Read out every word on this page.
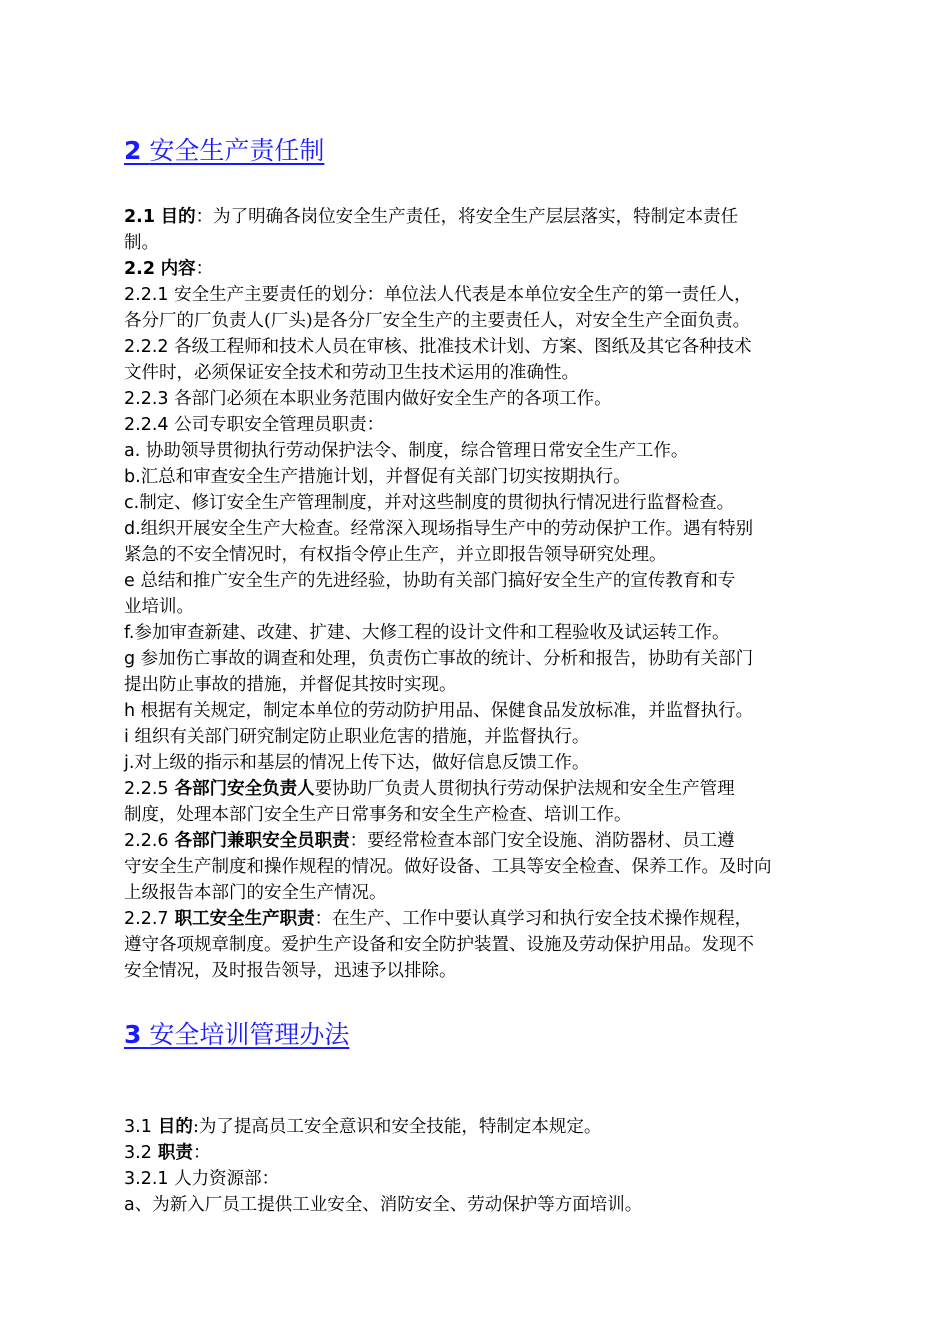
2 安全生产责任制
2.1 目的：为了明确各岗位安全生产责任，将安全生产层层落实，特制定本责任
制。
2.2 内容：
2.2.1 安全生产主要责任的划分：单位法人代表是本单位安全生产的第一责任人，
各分厂的厂负责人(厂头)是各分厂安全生产的主要责任人，对安全生产全面负责。
2.2.2 各级工程师和技术人员在审核、批准技术计划、方案、图纸及其它各种技术
文件时，必须保证安全技术和劳动卫生技术运用的准确性。
2.2.3 各部门必须在本职业务范围内做好安全生产的各项工作。
2.2.4 公司专职安全管理员职责：
a. 协助领导贯彻执行劳动保护法令、制度，综合管理日常安全生产工作。
b.汇总和审查安全生产措施计划，并督促有关部门切实按期执行。
c.制定、修订安全生产管理制度，并对这些制度的贯彻执行情况进行监督检查。
d.组织开展安全生产大检查。经常深入现场指导生产中的劳动保护工作。遇有特别
紧急的不安全情况时，有权指令停止生产，并立即报告领导研究处理。
e 总结和推广安全生产的先进经验，协助有关部门搞好安全生产的宣传教育和专
业培训。
f.参加审查新建、改建、扩建、大修工程的设计文件和工程验收及试运转工作。
g 参加伤亡事故的调查和处理，负责伤亡事故的统计、分析和报告，协助有关部门
提出防止事故的措施，并督促其按时实现。
h 根据有关规定，制定本单位的劳动防护用品、保健食品发放标准，并监督执行。
i 组织有关部门研究制定防止职业危害的措施，并监督执行。
j.对上级的指示和基层的情况上传下达，做好信息反馈工作。
2.2.5 各部门安全负责人要协助厂负责人贯彻执行劳动保护法规和安全生产管理
制度，处理本部门安全生产日常事务和安全生产检查、培训工作。
2.2.6 各部门兼职安全员职责：要经常检查本部门安全设施、消防器材、员工遵
守安全生产制度和操作规程的情况。做好设备、工具等安全检查、保养工作。及时向
上级报告本部门的安全生产情况。
2.2.7 职工安全生产职责：在生产、工作中要认真学习和执行安全技术操作规程，
遵守各项规章制度。爱护生产设备和安全防护装置、设施及劳动保护用品。发现不
安全情况，及时报告领导，迅速予以排除。
3 安全培训管理办法
3.1 目的:为了提高员工安全意识和安全技能，特制定本规定。
3.2 职责：
3.2.1 人力资源部：
a、为新入厂员工提供工业安全、消防安全、劳动保护等方面培训。
